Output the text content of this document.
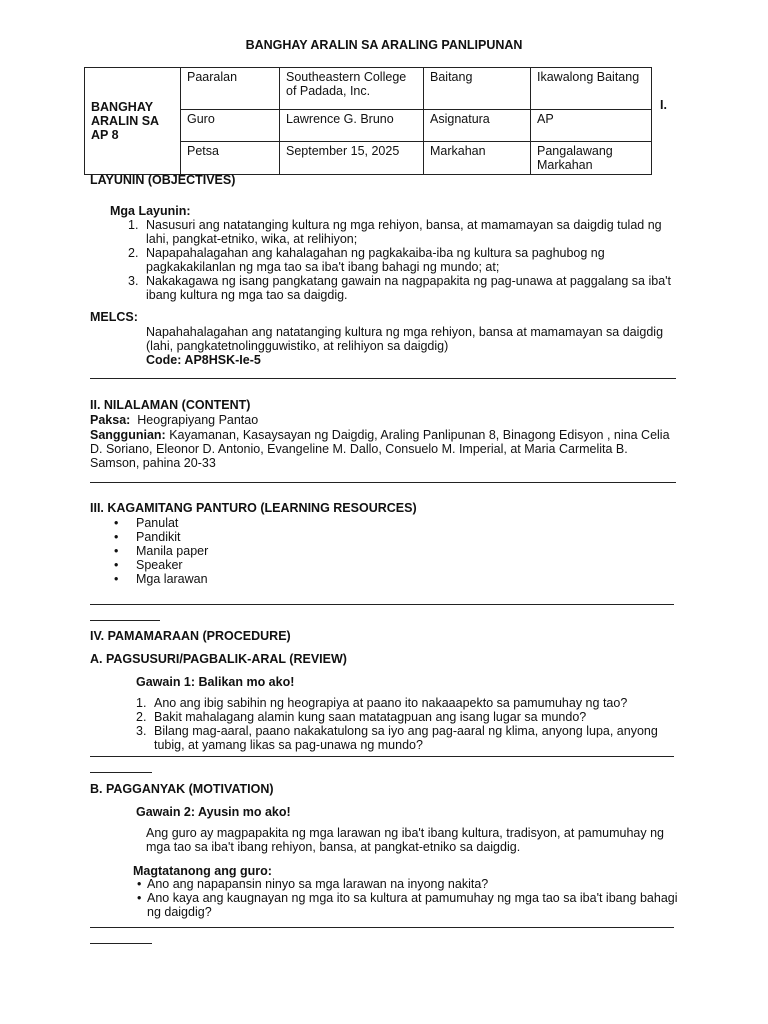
BANGHAY ARALIN SA ARALING PANLIPUNAN
BANGHAY ARALIN SA AP 8	Paaralan	Southeastern College of Padada, Inc.	Baitang	Ikawalong Baitang
	Guro	Lawrence G. Bruno	Asignatura	AP
	Petsa	September 15, 2025	Markahan	Pangalawang Markahan
I.
LAYUNIN (OBJECTIVES)
Mga Layunin:
1. Nasusuri ang natatanging kultura ng mga rehiyon, bansa, at mamamayan sa daigdig tulad ng lahi, pangkat-etniko, wika, at relihiyon;
2. Napapahalagahan ang kahalagahan ng pagkakaiba-iba ng kultura sa paghubog ng pagkakakilanlan ng mga tao sa iba't ibang bahagi ng mundo; at;
3. Nakakagawa ng isang pangkatang gawain na nagpapakita ng pag-unawa at paggalang sa iba't ibang kultura ng mga tao sa daigdig.
MELCS:
Napahahalagahan ang natatanging kultura ng mga rehiyon, bansa at mamamayan sa daigdig (lahi, pangkatetnolingguwistiko, at relihiyon sa daigdig)
Code: AP8HSK-Ie-5
II. NILALAMAN (CONTENT)
Paksa: Heograpiyang Pantao
Sanggunian: Kayamanan, Kasaysayan ng Daigdig, Araling Panlipunan 8, Binagong Edisyon , nina Celia D. Soriano, Eleonor D. Antonio, Evangeline M. Dallo, Consuelo M. Imperial, at Maria Carmelita B. Samson, pahina 20-33
III. KAGAMITANG PANTURO (LEARNING RESOURCES)
• Panulat
• Pandikit
• Manila paper
• Speaker
• Mga larawan
IV. PAMAMARAAN (PROCEDURE)
A. PAGSUSURI/PAGBALIK-ARAL (REVIEW)
Gawain 1: Balikan mo ako!
1. Ano ang ibig sabihin ng heograpiya at paano ito nakaaapekto sa pamumuhay ng tao?
2. Bakit mahalagang alamin kung saan matatagpuan ang isang lugar sa mundo?
3. Bilang mag-aaral, paano nakakatulong sa iyo ang pag-aaral ng klima, anyong lupa, anyong tubig, at yamang likas sa pag-unawa ng mundo?
B. PAGGANYAK (MOTIVATION)
Gawain 2: Ayusin mo ako!
Ang guro ay magpapakita ng mga larawan ng iba't ibang kultura, tradisyon, at pamumuhay ng mga tao sa iba't ibang rehiyon, bansa, at pangkat-etniko sa daigdig.
Magtatanong ang guro:
• Ano ang napapansin ninyo sa mga larawan na inyong nakita?
• Ano kaya ang kaugnayan ng mga ito sa kultura at pamumuhay ng mga tao sa iba't ibang bahagi ng daigdig?
